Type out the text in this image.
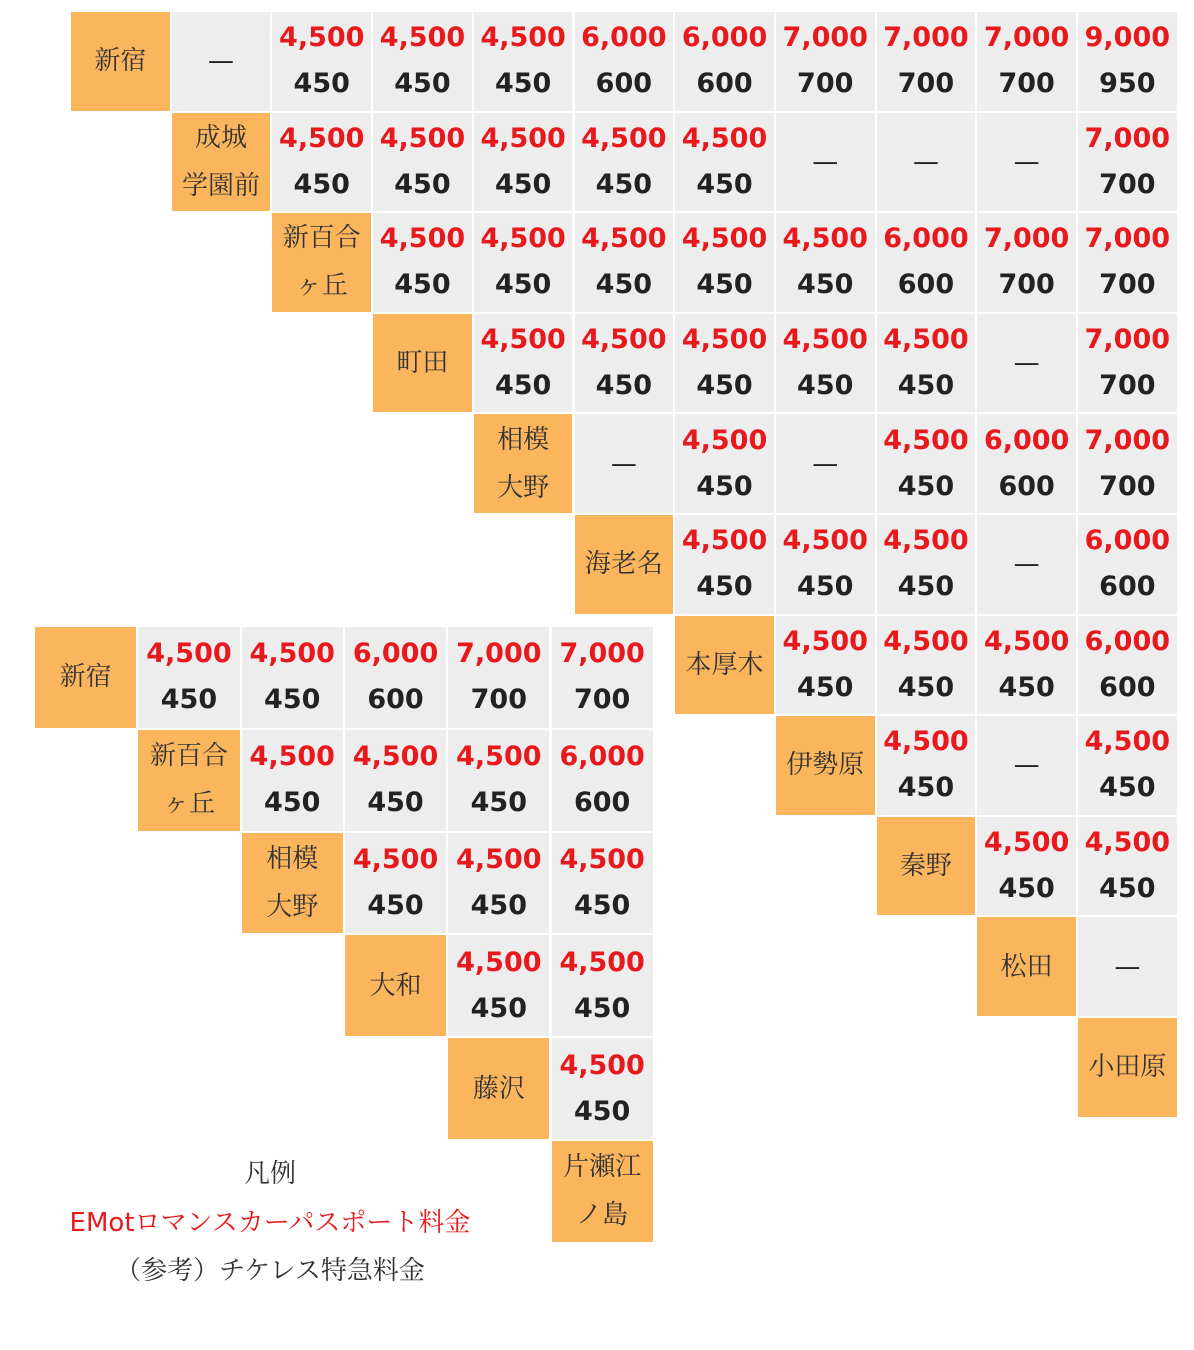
新宿 —
4,500
450
4,500
450
4,500
450
6,000
600
6,000
600
7,000
700
7,000
700
7,000
700
9,000
950
成城
学園前
4,500
450
4,500
450
4,500
450
4,500
450
4,500
450
—	—	—
7,000
700
新百合
ヶ丘
4,500
450
4,500
450
4,500
450
4,500
450
4,500
450
6,000
600
7,000
700
7,000
700
町田
4,500
450
4,500
450
4,500
450
4,500
450
4,500
450
—
7,000
700
相模
大野
—
4,500
450
—
4,500
450
6,000
600
7,000
700
海老名
4,500
450
4,500
450
4,500
450
—
6,000
600
本厚木
4,500
450
4,500
450
4,500
450
6,000
600
伊勢原
4,500
450
—
4,500
450
秦野
4,500
450
4,500
450
松田 —
小田原
新宿
4,500
450
4,500
450
6,000
600
7,000
700
7,000
700
新百合
ヶ丘
4,500
450
4,500
450
4,500
450
6,000
600
相模
大野
4,500
450
4,500
450
4,500
450
大和
4,500
450
4,500
450
藤沢
4,500
450
片瀬江
ノ島
凡例
EMotロマンスカーパスポート料金
（参考）チケレス特急料金
